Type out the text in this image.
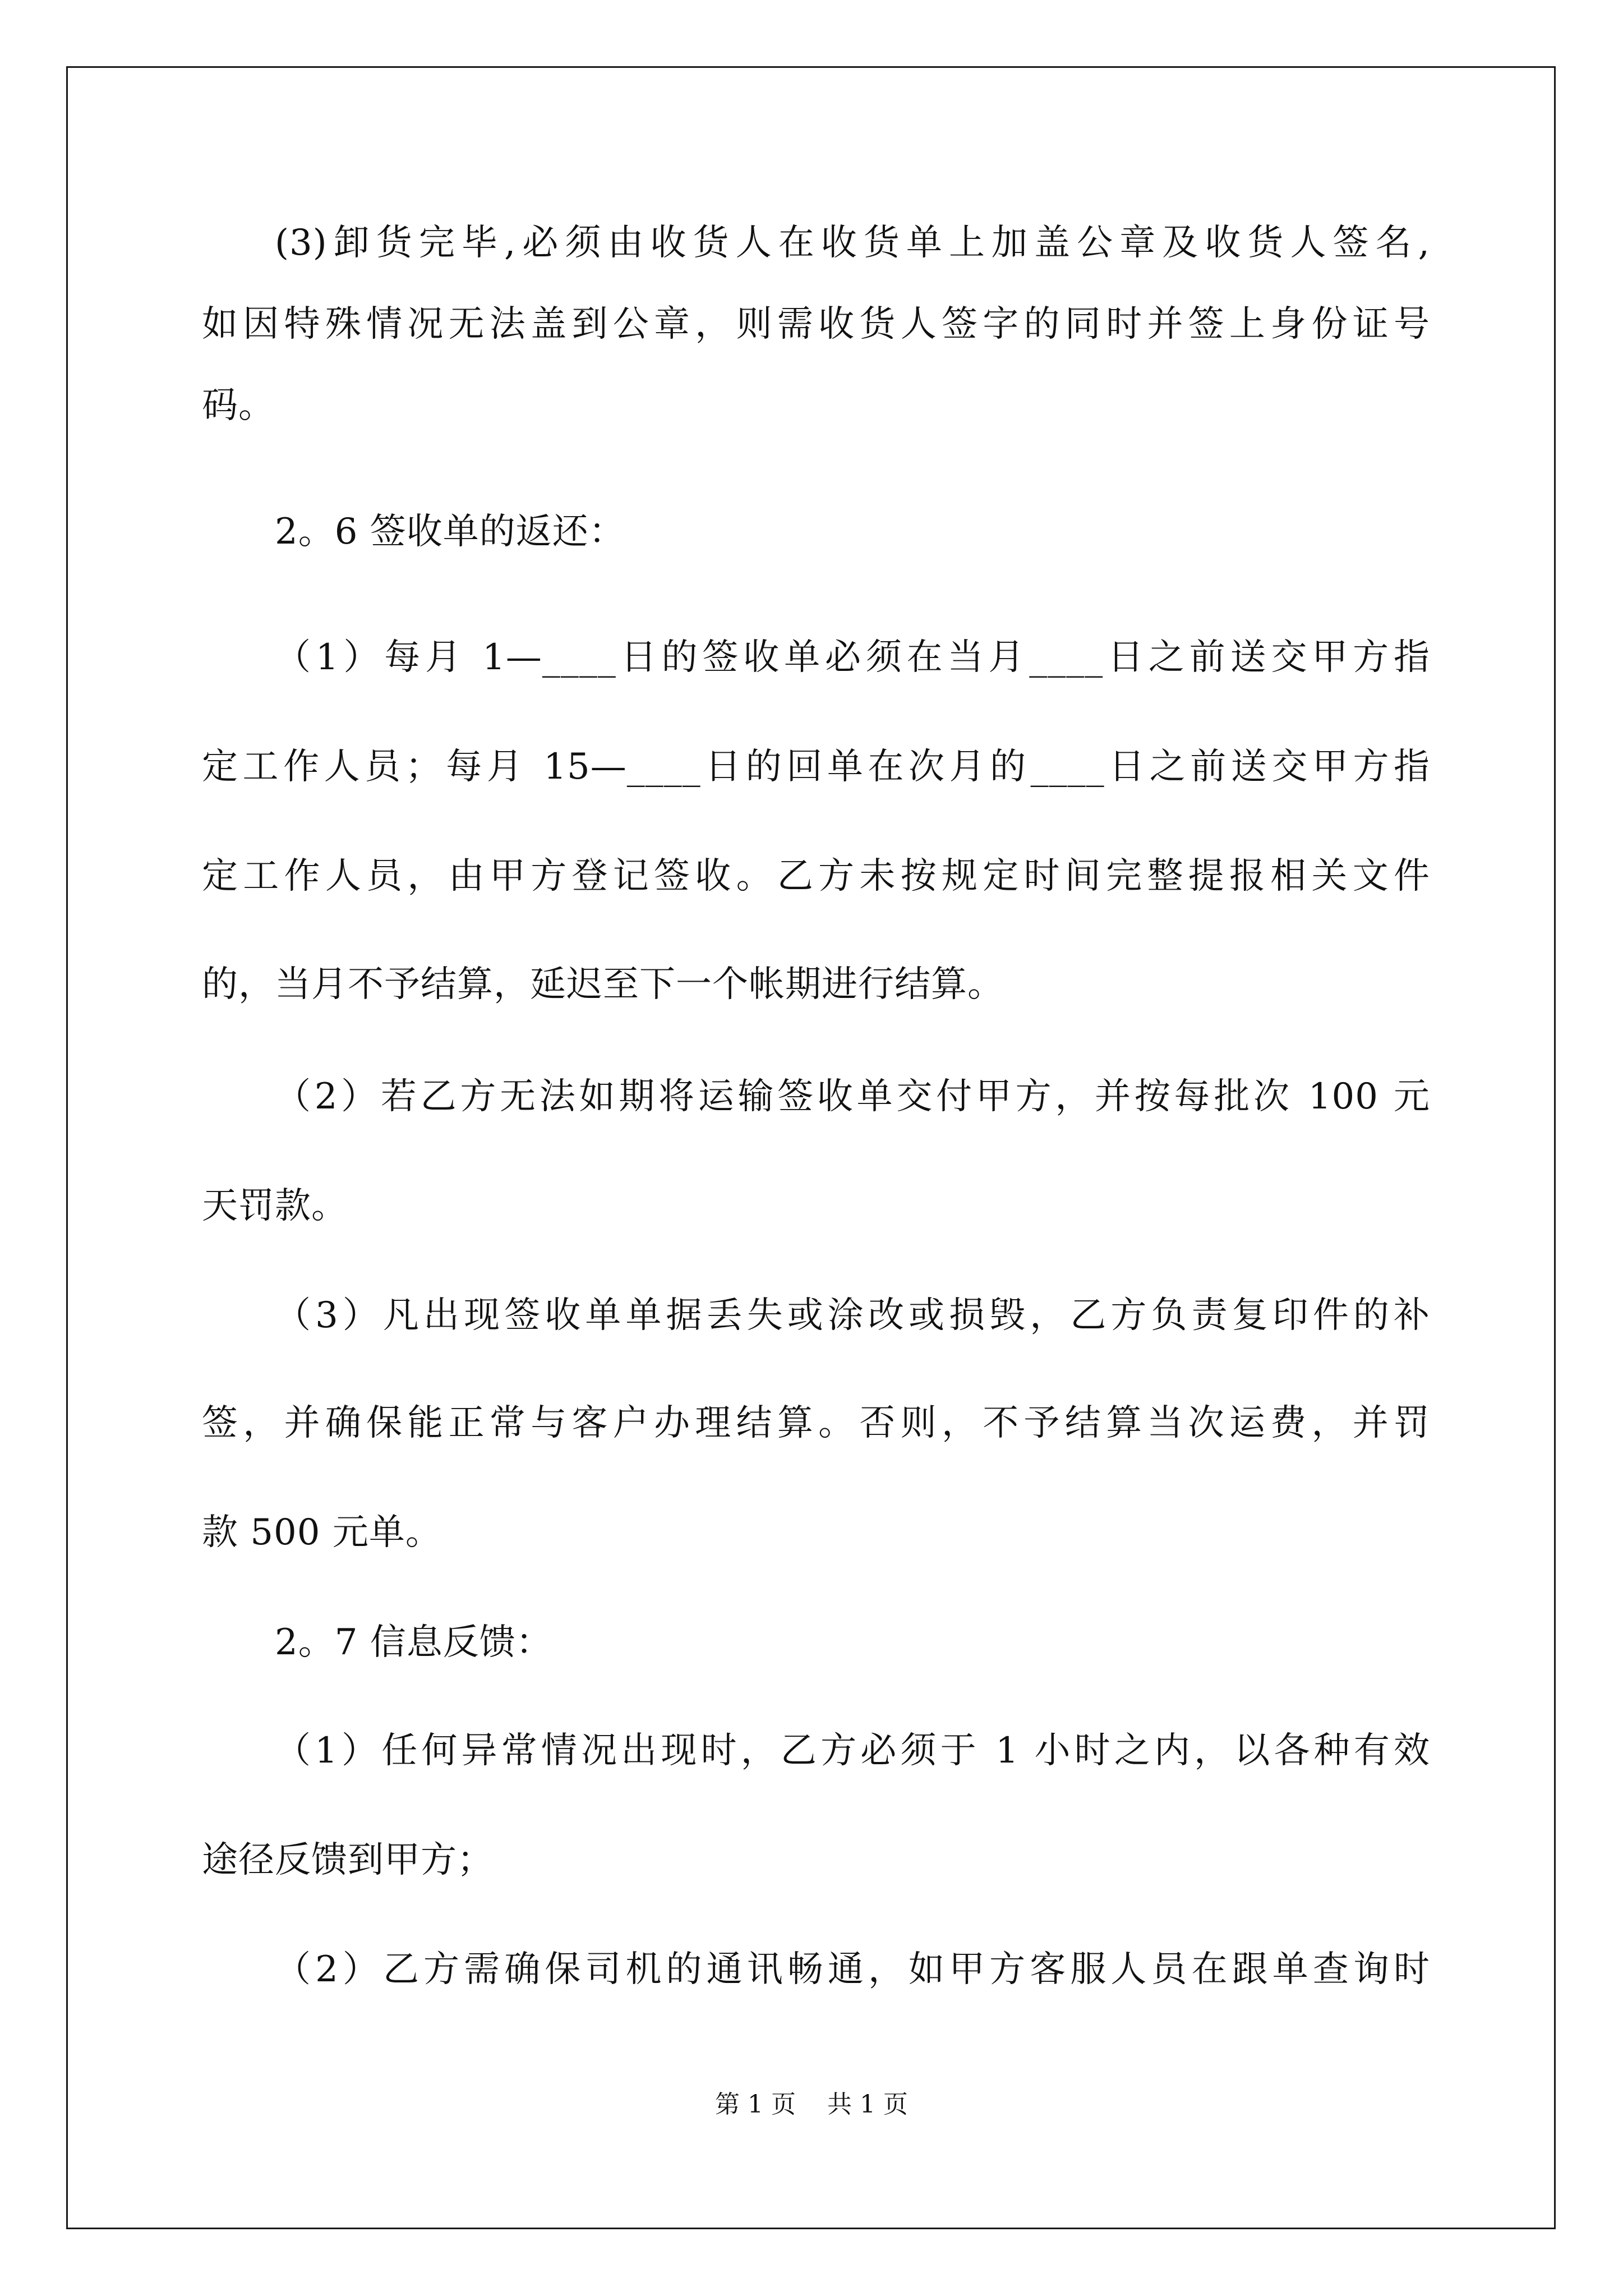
(3)卸货完毕,必须由收货人在收货单上加盖公章及收货人签名,
如因特殊情况无法盖到公章，则需收货人签字的同时并签上身份证号
码。
2。6 签收单的返还：
（1）每月 1—____日的签收单必须在当月____日之前送交甲方指
定工作人员；每月 15—____日的回单在次月的____日之前送交甲方指
定工作人员，由甲方登记签收。乙方未按规定时间完整提报相关文件
的，当月不予结算，延迟至下一个帐期进行结算。
（2）若乙方无法如期将运输签收单交付甲方，并按每批次 100 元
天罚款。
（3）凡出现签收单单据丢失或涂改或损毁，乙方负责复印件的补
签，并确保能正常与客户办理结算。否则，不予结算当次运费，并罚
款 500 元单。
2。7 信息反馈：
（1）任何异常情况出现时，乙方必须于 1 小时之内，以各种有效
途径反馈到甲方；
（2）乙方需确保司机的通讯畅通，如甲方客服人员在跟单查询时
第 1 页    共 1 页
